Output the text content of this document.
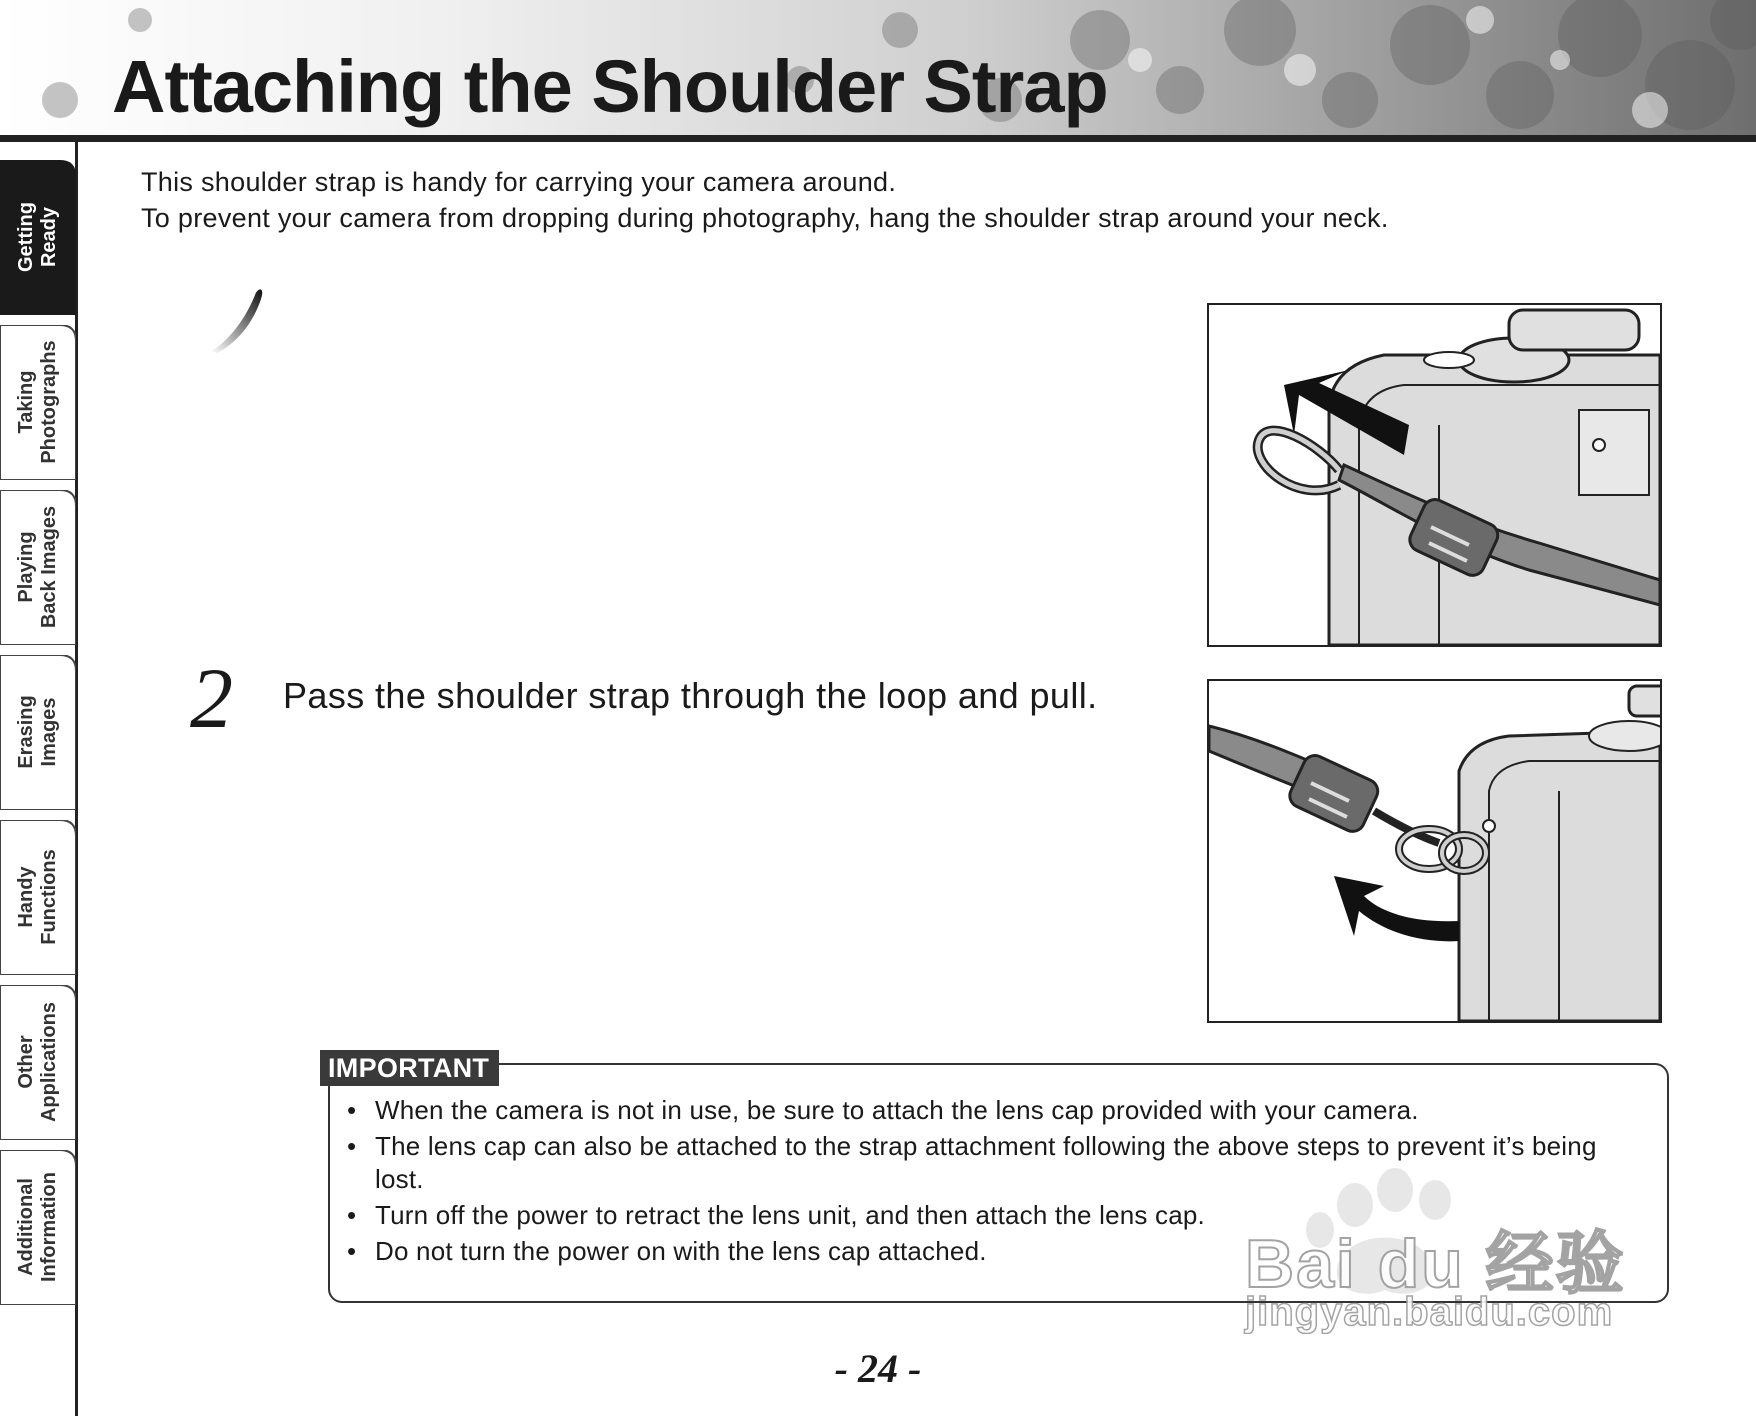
Attaching the Shoulder Strap
Getting
Ready
Taking
Photographs
Playing
Back Images
Erasing
Images
Handy
Functions
Other
Applications
Additional
Information

This shoulder strap is handy for carrying your camera around.

To prevent your camera from dropping during photography, hang the shoulder strap around your neck.

2 Pass the shoulder strap through the loop and pull.
IMPORTANT
• When the camera is not in use, be sure to attach the lens cap provided with your camera.
• The lens cap can also be attached to the strap attachment following the above steps to prevent it’s being lost.
• Turn off the power to retract the lens unit, and then attach the lens cap.
• Do not turn the power on with the lens cap attached.	Bai du 经验
jingyan.baidu.com
- 24 -
